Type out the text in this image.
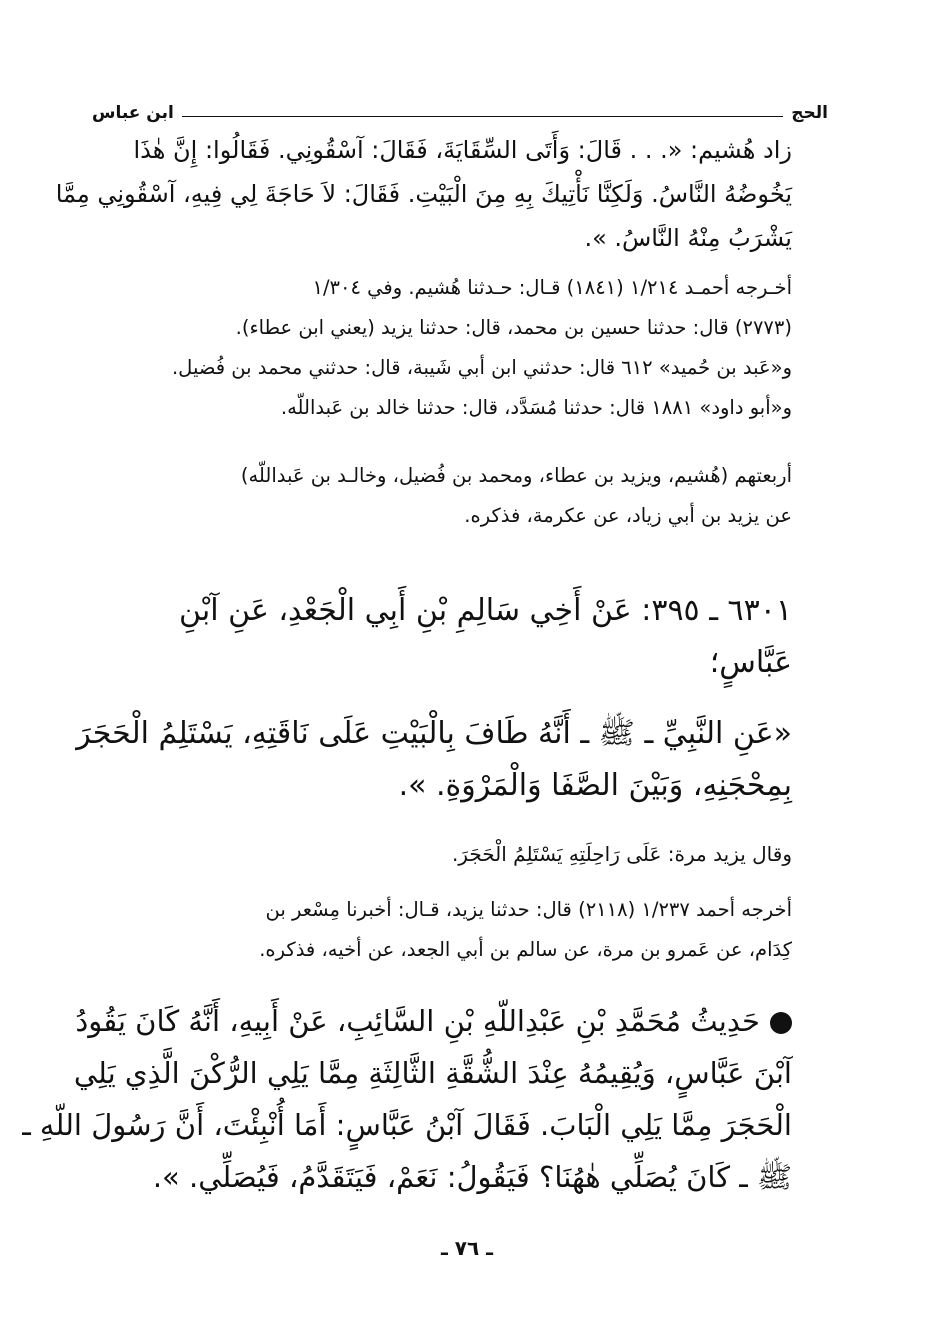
الحج
ابن عباس
زاد هُشيم: «. . . قَالَ: وَأَتَى السِّقَايَةَ، فَقَالَ: آسْقُونِي. فَقَالُوا: إِنَّ هٰذَا
يَخُوضُهُ النَّاسُ. وَلَكِنَّا نَأْتِيكَ بِهِ مِنَ الْبَيْتِ. فَقَالَ: لاَ حَاجَةَ لِي فِيهِ، آسْقُونِي مِمَّا
يَشْرَبُ مِنْهُ النَّاسُ. ».
أخـرجه أحمـد ١/٢١٤ (١٨٤١) قـال: حـدثنا هُشيم. وفي ١/٣٠٤
(٢٧٧٣) قال: حدثنا حسين بن محمد، قال: حدثنا يزيد (يعني ابن عطاء).
و«عَبد بن حُميد» ٦١٢ قال: حدثني ابن أبي شَيبة، قال: حدثني محمد بن فُضيل.
و«أبو داود» ١٨٨١ قال: حدثنا مُسَدَّد، قال: حدثنا خالد بن عَبداللّه.
أربعتهم (هُشيم، ويزيد بن عطاء، ومحمد بن فُضيل، وخالـد بن عَبداللّه)
عن يزيد بن أبي زياد، عن عكرمة، فذكره.
٦٣٠١ ـ ٣٩٥: عَنْ أَخِي سَالِمِ بْنِ أَبِي الْجَعْدِ، عَنِ آبْنِ
عَبَّاسٍ؛
«عَنِ النَّبِيِّ ـ ﷺ ـ أَنَّهُ طَافَ بِالْبَيْتِ عَلَى نَاقَتِهِ، يَسْتَلِمُ الْحَجَرَ
بِمِحْجَنِهِ، وَبَيْنَ الصَّفَا وَالْمَرْوَةِ. ».
وقال يزيد مرة: عَلَى رَاحِلَتِهِ يَسْتَلِمُ الْحَجَرَ.
أخرجه أحمد ١/٢٣٧ (٢١١٨) قال: حدثنا يزيد، قـال: أخبرنا مِسْعر بن
كِدَام، عن عَمرو بن مرة، عن سالم بن أبي الجعد، عن أخيه، فذكره.
حَدِيثُ مُحَمَّدِ بْنِ عَبْدِاللّهِ بْنِ السَّائِبِ، عَنْ أَبِيهِ، أَنَّهُ كَانَ يَقُودُ
آبْنَ عَبَّاسٍ، وَيُقِيمُهُ عِنْدَ الشُّقَّةِ الثَّالِثَةِ مِمَّا يَلِي الرُّكْنَ الَّذِي يَلِي
الْحَجَرَ مِمَّا يَلِي الْبَابَ. فَقَالَ آبْنُ عَبَّاسٍ: أَمَا أُنْبِئْتَ، أَنَّ رَسُولَ اللّهِ ـ
ﷺ ـ كَانَ يُصَلِّي هٰهُنَا؟ فَيَقُولُ: نَعَمْ، فَيَتَقَدَّمُ، فَيُصَلِّي. ».
ـ ٧٦ ـ
